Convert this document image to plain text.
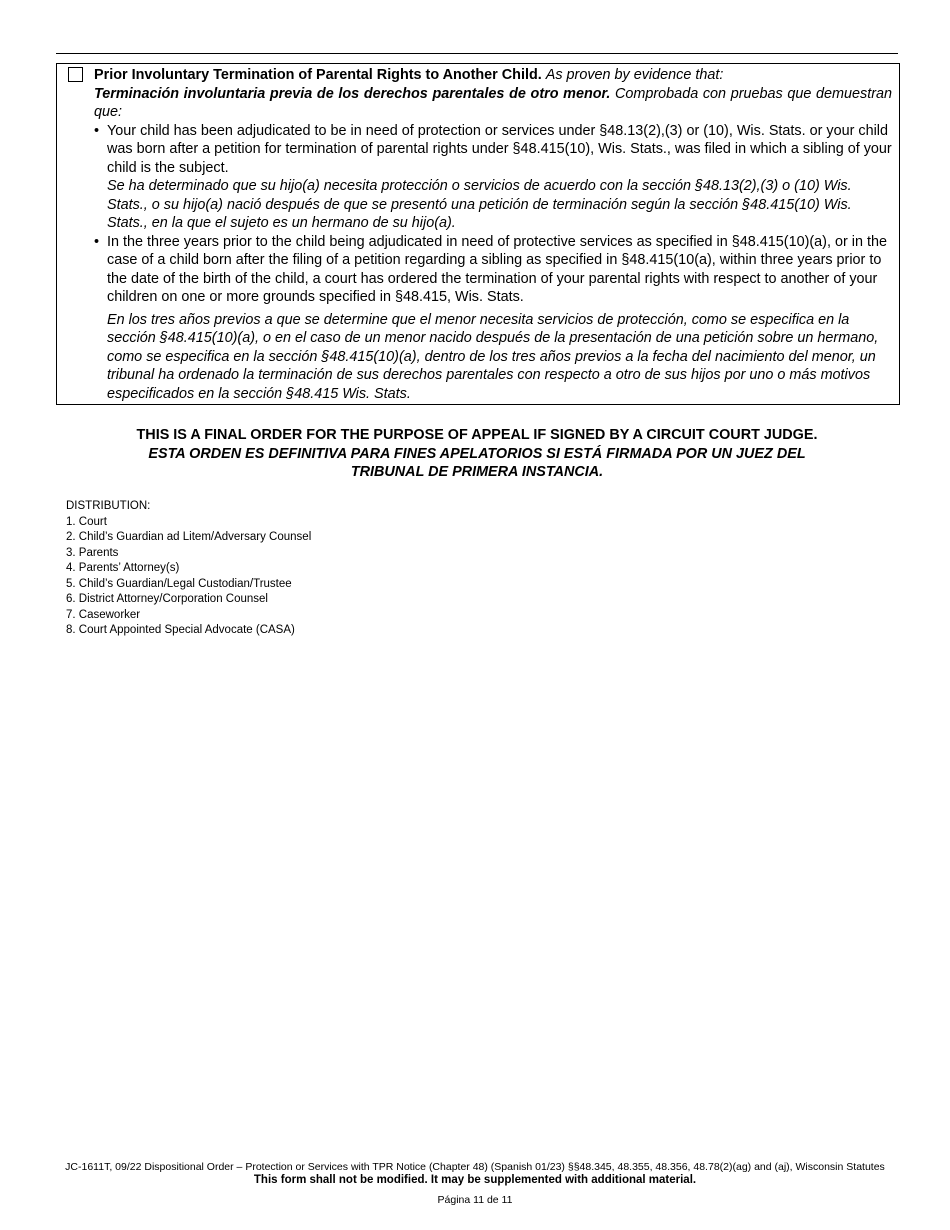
Prior Involuntary Termination of Parental Rights to Another Child. As proven by evidence that:

Terminación involuntaria previa de los derechos parentales de otro menor. Comprobada con pruebas que demuestran que:

• Your child has been adjudicated to be in need of protection or services under §48.13(2),(3) or (10), Wis. Stats. or your child was born after a petition for termination of parental rights under §48.415(10), Wis. Stats., was filed in which a sibling of your child is the subject.

Se ha determinado que su hijo(a) necesita protección o servicios de acuerdo con la sección §48.13(2),(3) o (10) Wis. Stats., o su hijo(a) nació después de que se presentó una petición de terminación según la sección §48.415(10) Wis. Stats., en la que el sujeto es un hermano de su hijo(a).

• In the three years prior to the child being adjudicated in need of protective services as specified in §48.415(10)(a), or in the case of a child born after the filing of a petition regarding a sibling as specified in §48.415(10(a), within three years prior to the date of the birth of the child, a court has ordered the termination of your parental rights with respect to another of your children on one or more grounds specified in §48.415, Wis. Stats.

En los tres años previos a que se determine que el menor necesita servicios de protección, como se especifica en la sección §48.415(10)(a), o en el caso de un menor nacido después de la presentación de una petición sobre un hermano, como se especifica en la sección §48.415(10)(a), dentro de los tres años previos a la fecha del nacimiento del menor, un tribunal ha ordenado la terminación de sus derechos parentales con respecto a otro de sus hijos por uno o más motivos especificados en la sección §48.415 Wis. Stats.

THIS IS A FINAL ORDER FOR THE PURPOSE OF APPEAL IF SIGNED BY A CIRCUIT COURT JUDGE.

ESTA ORDEN ES DEFINITIVA PARA FINES APELATORIOS SI ESTÁ FIRMADA POR UN JUEZ DEL

TRIBUNAL DE PRIMERA INSTANCIA.

DISTRIBUTION:

1. Court

2. Child’s Guardian ad Litem/Adversary Counsel

3. Parents

4. Parents’ Attorney(s)

5. Child’s Guardian/Legal Custodian/Trustee

6. District Attorney/Corporation Counsel

7. Caseworker

8. Court Appointed Special Advocate (CASA)

JC-1611T, 09/22 Dispositional Order – Protection or Services with TPR Notice (Chapter 48) (Spanish 01/23) §§48.345, 48.355, 48.356, 48.78(2)(ag) and (aj), Wisconsin Statutes

This form shall not be modified. It may be supplemented with additional material.

Página 11 de 11
